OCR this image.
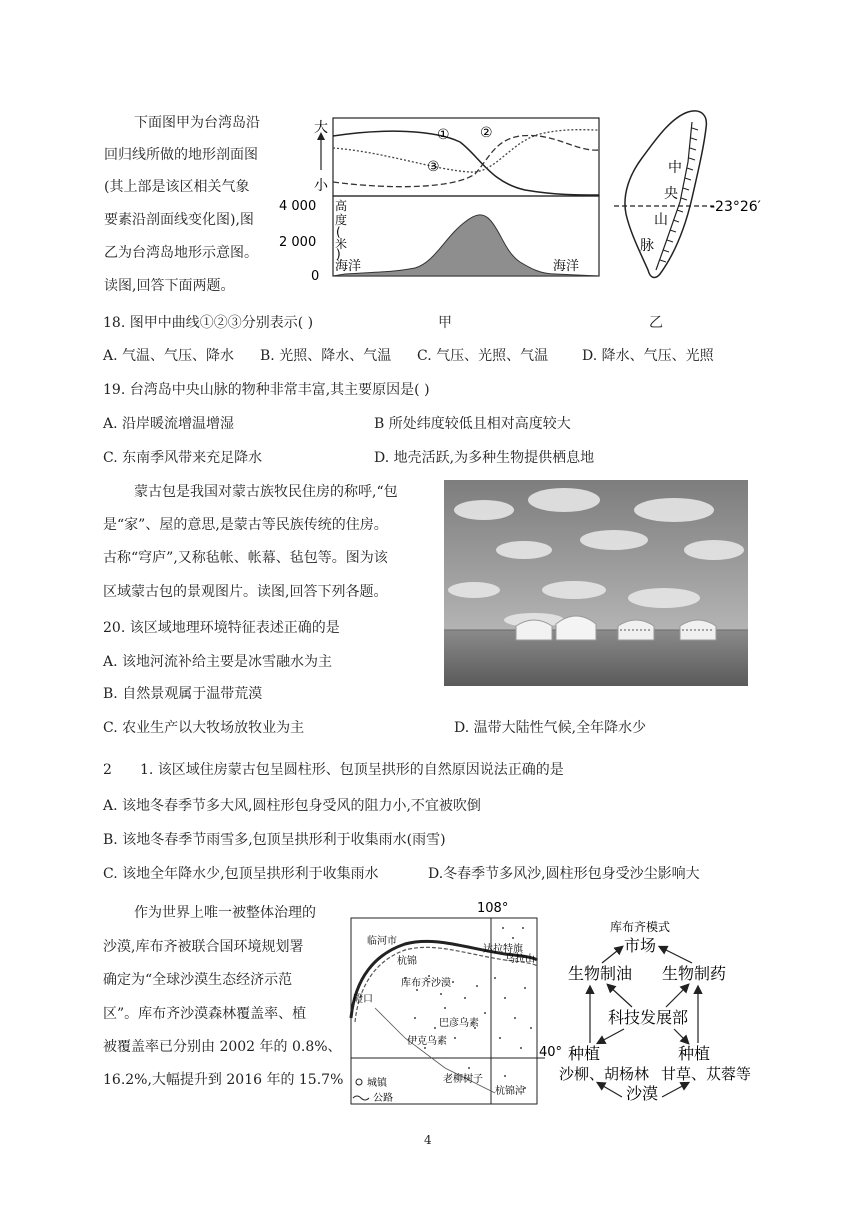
下面图甲为台湾岛沿
回归线所做的地形剖面图
(其上部是该区相关气象
要素沿剖面线变化图),图
乙为台湾岛地形示意图。
读图,回答下面两题。
大
小
① ②
③
4 000
2 000
0
高
度
(
米
)
海洋	海洋
中
央
山
脉
-23°26′
18. 图甲中曲线①②③分别表示( )	甲	乙
A. 气温、气压、降水 B. 光照、降水、气温 C. 气压、光照、气温 D. 降水、气压、光照
19. 台湾岛中央山脉的物种非常丰富,其主要原因是( )
A. 沿岸暖流增温增湿	B 所处纬度较低且相对高度较大
C. 东南季风带来充足降水	D. 地壳活跃,为多种生物提供栖息地
蒙古包是我国对蒙古族牧民住房的称呼,“包
是“家”、屋的意思,是蒙古等民族传统的住房。
古称“穹庐”,又称毡帐、帐幕、毡包等。图为该
区域蒙古包的景观图片。读图,回答下列各题。
20. 该区域地理环境特征表述正确的是
A. 该地河流补给主要是冰雪融水为主
B. 自然景观属于温带荒漠
C. 农业生产以大牧场放牧业为主	D. 温带大陆性气候,全年降水少
2 1. 该区域住房蒙古包呈圆柱形、包顶呈拱形的自然原因说法正确的是
A. 该地冬春季节多大风,圆柱形包身受风的阻力小,不宜被吹倒
B. 该地冬春季节雨雪多,包顶呈拱形利于收集雨水(雨雪)
C. 该地全年降水少,包顶呈拱形利于收集雨水	D.冬春季节多风沙,圆柱形包身受沙尘影响大
作为世界上唯一被整体治理的
沙漠,库布齐被联合国环境规划署
确定为“全球沙漠生态经济示范
区”。库布齐沙漠森林覆盖率、植
被覆盖率已分别由 2002 年的 0.8%、
16.2%,大幅提升到 2016 年的 15.7%
108°
40°
临河市
杭锦
达拉特旗
乌拉山
库布齐沙漠
巴彦乌素
伊克乌素
磴口
老柳树子
杭锦淖
城镇
公路
库布齐模式
市场
生物制油 生物制药
科技发展部
种植	种植
沙柳、胡杨林 甘草、苁蓉等
沙漠
4
